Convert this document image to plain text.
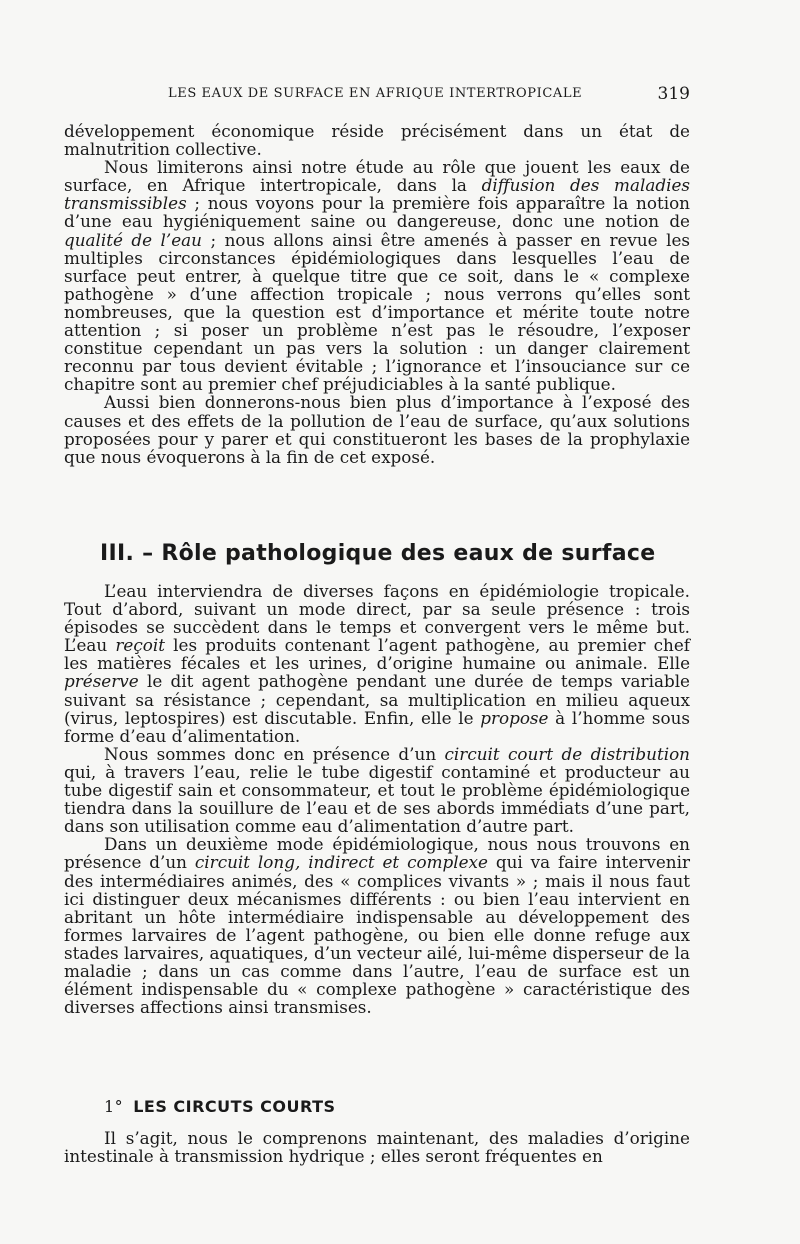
LES EAUX DE SURFACE EN AFRIQUE INTERTROPICALE	319

développement économique réside précisément dans un état de malnutrition collective.

Nous limiterons ainsi notre étude au rôle que jouent les eaux de surface, en Afrique intertropicale, dans la diffusion des maladies transmissibles ; nous voyons pour la première fois apparaître la notion d’une eau hygiéniquement saine ou dangereuse, donc une notion de qualité de l’eau ; nous allons ainsi être amenés à passer en revue les multiples circonstances épidémiologiques dans lesquelles l’eau de surface peut entrer, à quelque titre que ce soit, dans le « complexe pathogène » d’une affection tropicale ; nous verrons qu’elles sont nombreuses, que la question est d’importance et mérite toute notre attention ; si poser un problème n’est pas le résoudre, l’exposer constitue cependant un pas vers la solution : un danger clairement reconnu par tous devient évitable ; l’ignorance et l’insouciance sur ce chapitre sont au premier chef préjudiciables à la santé publique.

Aussi bien donnerons-nous bien plus d’importance à l’exposé des causes et des effets de la pollution de l’eau de surface, qu’aux solutions proposées pour y parer et qui constitueront les bases de la prophylaxie que nous évoquerons à la fin de cet exposé.

III. – Rôle pathologique des eaux de surface

L’eau interviendra de diverses façons en épidémiologie tropicale. Tout d’abord, suivant un mode direct, par sa seule présence : trois épisodes se succèdent dans le temps et convergent vers le même but. L’eau reçoit les produits contenant l’agent pathogène, au premier chef les matières fécales et les urines, d’origine humaine ou animale. Elle préserve le dit agent pathogène pendant une durée de temps variable suivant sa résistance ; cependant, sa multiplication en milieu aqueux (virus, leptospires) est discutable. Enfin, elle le propose à l’homme sous forme d’eau d’alimentation.

Nous sommes donc en présence d’un circuit court de distribution qui, à travers l’eau, relie le tube digestif contaminé et producteur au tube digestif sain et consommateur, et tout le problème épidémiologique tiendra dans la souillure de l’eau et de ses abords immédiats d’une part, dans son utilisation comme eau d’alimentation d’autre part.

Dans un deuxième mode épidémiologique, nous nous trouvons en présence d’un circuit long, indirect et complexe qui va faire intervenir des intermédiaires animés, des « complices vivants » ; mais il nous faut ici distinguer deux mécanismes différents : ou bien l’eau intervient en abritant un hôte intermédiaire indispensable au développement des formes larvaires de l’agent pathogène, ou bien elle donne refuge aux stades larvaires, aquatiques, d’un vecteur ailé, lui-même disperseur de la maladie ; dans un cas comme dans l’autre, l’eau de surface est un élément indispensable du « complexe pathogène » caractéristique des diverses affections ainsi transmises.

1° LES CIRCUTS COURTS

Il s’agit, nous le comprenons maintenant, des maladies d’origine intestinale à transmission hydrique ; elles seront fréquentes en
